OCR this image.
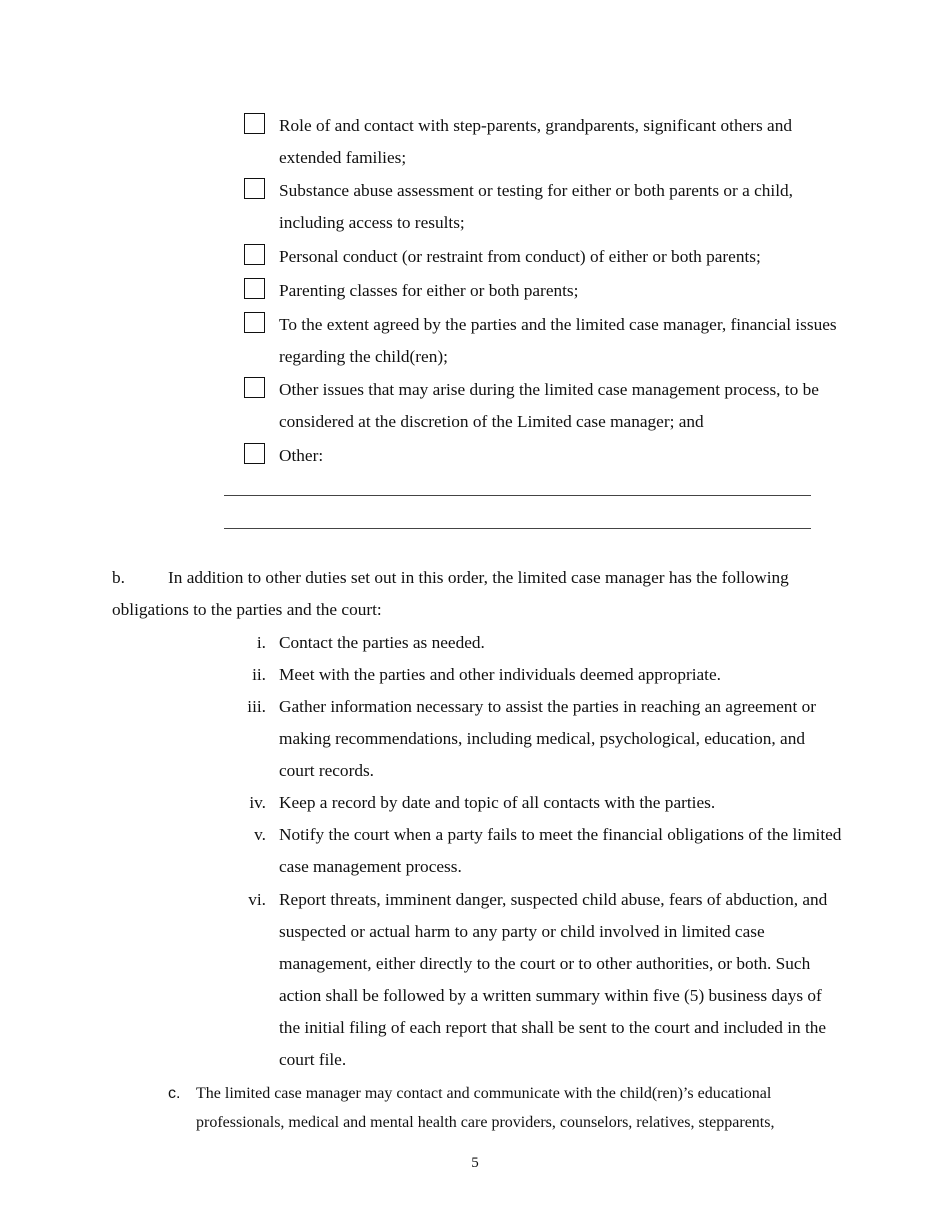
Role of and contact with step-parents, grandparents, significant others and extended families;
Substance abuse assessment or testing for either or both parents or a child, including access to results;
Personal conduct (or restraint from conduct) of either or both parents;
Parenting classes for either or both parents;
To the extent agreed by the parties and the limited case manager, financial issues regarding the child(ren);
Other issues that may arise during the limited case management process, to be considered at the discretion of the Limited case manager; and
Other:
b. In addition to other duties set out in this order, the limited case manager has the following obligations to the parties and the court:
i. Contact the parties as needed.
ii. Meet with the parties and other individuals deemed appropriate.
iii. Gather information necessary to assist the parties in reaching an agreement or making recommendations, including medical, psychological, education, and court records.
iv. Keep a record by date and topic of all contacts with the parties.
v. Notify the court when a party fails to meet the financial obligations of the limited case management process.
vi. Report threats, imminent danger, suspected child abuse, fears of abduction, and suspected or actual harm to any party or child involved in limited case management, either directly to the court or to other authorities, or both. Such action shall be followed by a written summary within five (5) business days of the initial filing of each report that shall be sent to the court and included in the court file.
c. The limited case manager may contact and communicate with the child(ren)’s educational professionals, medical and mental health care providers, counselors, relatives, stepparents,
5
